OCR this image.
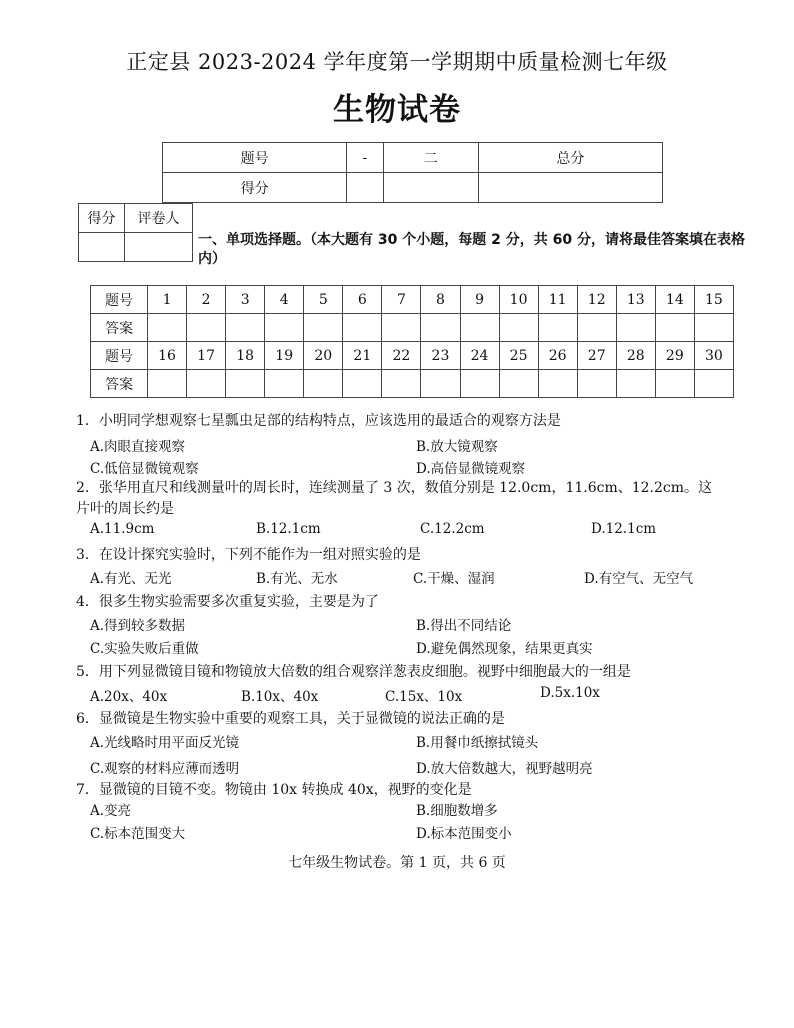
正定县 2023-2024 学年度第一学期期中质量检测七年级
生物试卷
题号	-	二	总分
得分			
得分	评卷人

一、单项选择题。（本大题有 30 个小题，每题 2 分，共 60 分，请将最佳答案填在表格内）
题号	1	2	3	4	5	6	7	8	9	10	11	12	13	14	15
答案															
题号	16	17	18	19	20	21	22	23	24	25	26	27	28	29	30
答案															
1．小明同学想观察七星瓢虫足部的结构特点，应该选用的最适合的观察方法是
A.肉眼直接观察	B.放大镜观察
C.低倍显微镜观察	D.高倍显微镜观察
2．张华用直尺和线测量叶的周长时，连续测量了 3 次，数值分别是 12.0cm，11.6cm、12.2cm。这
片叶的周长约是
A.11.9cm	B.12.1cm	C.12.2cm	D.12.1cm
3．在设计探究实验时，下列不能作为一组对照实验的是
A.有光、无光	B.有光、无水	C.干燥、湿润	D.有空气、无空气
4．很多生物实验需要多次重复实验，主要是为了
A.得到较多数据	B.得出不同结论
C.实验失败后重做	D.避免偶然现象，结果更真实
5．用下列显微镜目镜和物镜放大倍数的组合观察洋葱表皮细胞。视野中细胞最大的一组是
A.20x、40x	B.10x、40x	C.15x、10x	D.5x.10x
6．显微镜是生物实验中重要的观察工具，关于显微镜的说法正确的是
A.光线略时用平面反光镜	B.用餐巾纸擦拭镜头
C.观察的材料应薄而透明	D.放大倍数越大，视野越明亮
7．显微镜的目镜不变。物镜由 10x 转换成 40x，视野的变化是
A.变亮	B.细胞数增多
C.标本范围变大	D.标本范围变小
七年级生物试卷。第 1 页，共 6 页
